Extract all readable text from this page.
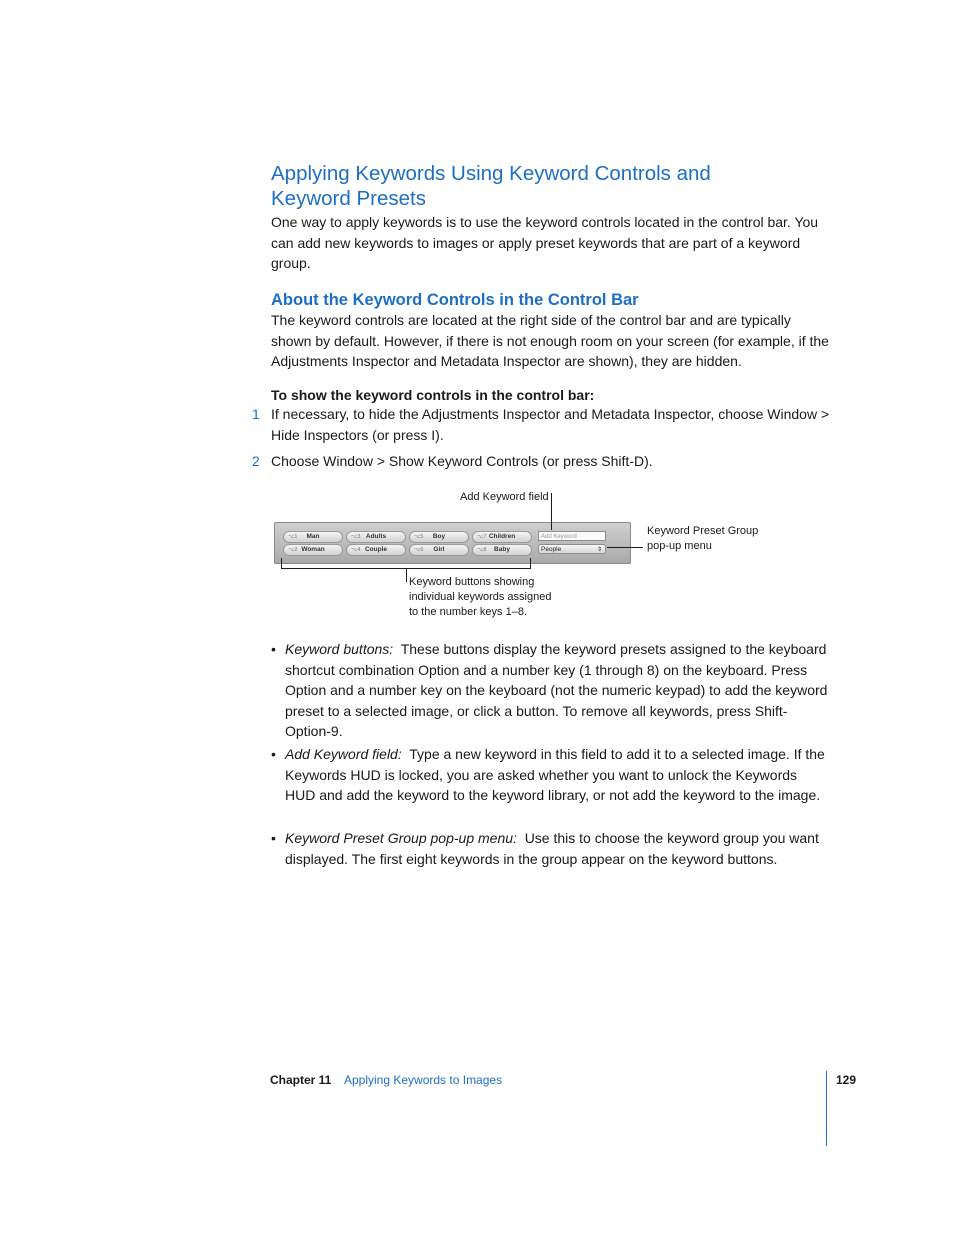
Applying Keywords Using Keyword Controls and Keyword Presets
One way to apply keywords is to use the keyword controls located in the control bar. You can add new keywords to images or apply preset keywords that are part of a keyword group.
About the Keyword Controls in the Control Bar
The keyword controls are located at the right side of the control bar and are typically shown by default. However, if there is not enough room on your screen (for example, if the Adjustments Inspector and Metadata Inspector are shown), they are hidden.
To show the keyword controls in the control bar:
1 If necessary, to hide the Adjustments Inspector and Metadata Inspector, choose Window > Hide Inspectors (or press I).
2 Choose Window > Show Keyword Controls (or press Shift-D).
Add Keyword field
Keyword Preset Group pop-up menu
Keyword buttons showing individual keywords assigned to the number keys 1–8.
⌥1	Man	⌥3 Adults	⌥5	Boy	⌥7 Children
⌥2 Woman	⌥4 Couple	⌥6	Girl	⌥8	Baby
Add Keyword
People	⇕
• Keyword buttons: These buttons display the keyword presets assigned to the keyboard shortcut combination Option and a number key (1 through 8) on the keyboard. Press Option and a number key on the keyboard (not the numeric keypad) to add the keyword preset to a selected image, or click a button. To remove all keywords, press Shift-Option-9.
• Add Keyword field: Type a new keyword in this field to add it to a selected image. If the Keywords HUD is locked, you are asked whether you want to unlock the Keywords HUD and add the keyword to the keyword library, or not add the keyword to the image.
• Keyword Preset Group pop-up menu: Use this to choose the keyword group you want displayed. The first eight keywords in the group appear on the keyword buttons.
Chapter 11 Applying Keywords to Images	129
